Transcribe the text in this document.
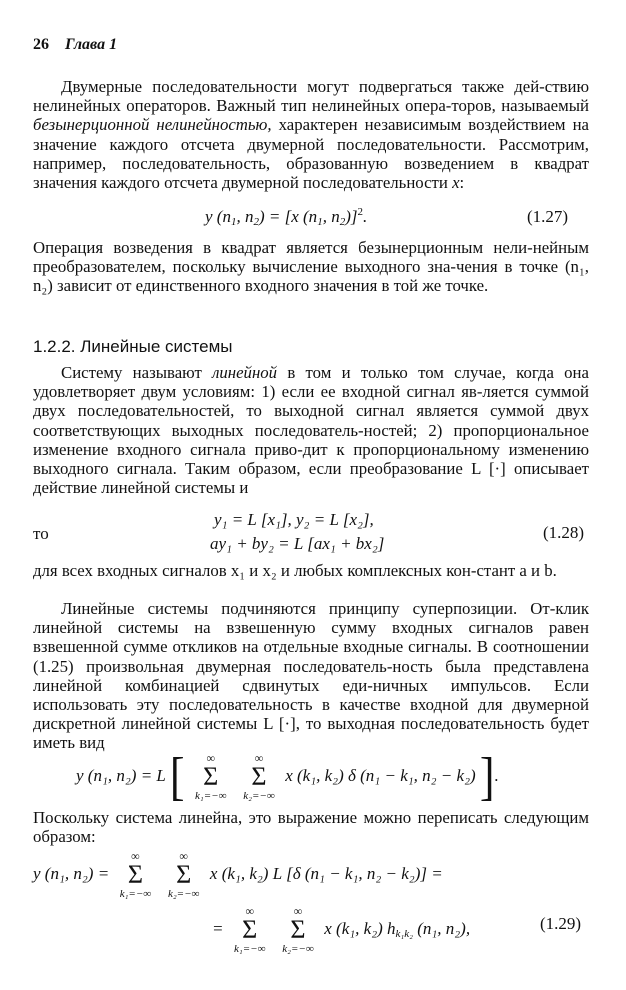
26 Глава 1

Двумерные последовательности могут подвергаться также дей-ствию нелинейных операторов. Важный тип нелинейных опера-торов, называемый безынерционной нелинейностью, характерен независимым воздействием на значение каждого отсчета двумерной последовательности. Рассмотрим, например, последовательность, образованную возведением в квадрат значения каждого отсчета двумерной последовательности x:

y ($n_1$, $n_2) = [x$ ($n_1$, $n_2)]^2$.	(1.27)

Операция возведения в квадрат является безынерционным нели-нейным преобразователем, поскольку вычисление выходного зна-чения в точке (n₁, n₂) зависит от единственного входного значения в той же точке.

1.2.2. Линейные системы

Систему называют линейной в том и только том случае, когда она удовлетворяет двум условиям: 1) если ее входной сигнал яв-ляется суммой двух последовательностей, то выходной сигнал является суммой двух соответствующих выходных последователь-ностей; 2) пропорциональное изменение входного сигнала приво-дит к пропорциональному изменению выходного сигнала. Таким образом, если преобразование L [·] описывает действие линейной системы и

то
y₁ = L [x₁], y₂ = L [x₂],
ay₁ + by₂ = L [ax₁ + bx₂]
(1.28)

для всех входных сигналов x₁ и x₂ и любых комплексных кон-стант a и b.

Линейные системы подчиняются принципу суперпозиции. От-клик линейной системы на взвешенную сумму входных сигналов равен взвешенной сумме откликов на отдельные входные сигналы. В соотношении (1.25) произвольная двумерная последователь-ность была представлена линейной комбинацией сдвинутых еди-ничных импульсов. Если использовать эту последовательность в качестве входной для двумерной дискретной линейной системы L [·], то выходная последовательность будет иметь вид

y (n₁, n₂) = L [	∞
Σ
k₁=−∞

∞
Σ
k₂=−∞
x (k₁, k₂) δ (n₁ − k₁, n₂ − k₂) ].

Поскольку система линейна, это выражение можно переписать следующим образом:

y (n₁, n₂) =
∞
Σ
k₁=−∞

∞
Σ
k₂=−∞
x (k₁, k₂) L [δ (n₁ − k₁, n₂ − k₂)] =
=
∞
Σ
k₁=−∞

∞
Σ
k₂=−∞
x (k₁, k₂) $h_{k_1k_2}$ (n₁, n₂),	(1.29)
